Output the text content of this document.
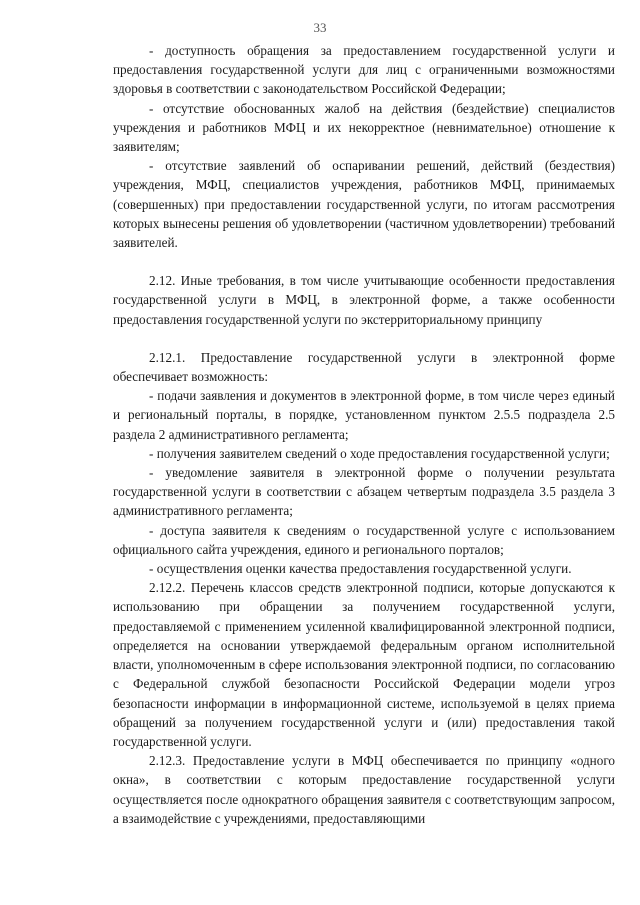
33

- доступность обращения за предоставлением государственной услуги и предоставления государственной услуги для лиц с ограниченными возможностями здоровья в соответствии с законодательством Российской Федерации;

- отсутствие обоснованных жалоб на действия (бездействие) специалистов учреждения и работников МФЦ и их некорректное (невнимательное) отношение к заявителям;

- отсутствие заявлений об оспаривании решений, действий (бездествия) учреждения, МФЦ, специалистов учреждения, работников МФЦ, принимаемых (совершенных) при предоставлении государственной услуги, по итогам рассмотрения которых вынесены решения об удовлетворении (частичном удовлетворении) требований заявителей.

2.12. Иные требования, в том числе учитывающие особенности предоставления государственной услуги в МФЦ, в электронной форме, а также особенности предоставления государственной услуги по экстерриториальному принципу

2.12.1. Предоставление государственной услуги в электронной форме обеспечивает возможность:

- подачи заявления и документов в электронной форме, в том числе через единый и региональный порталы, в порядке, установленном пунктом 2.5.5 подраздела 2.5 раздела 2 административного регламента;

- получения заявителем сведений о ходе предоставления государственной услуги;

- уведомление заявителя в электронной форме о получении результата государственной услуги в соответствии с абзацем четвертым подраздела 3.5 раздела 3 административного регламента;

- доступа заявителя к сведениям о государственной услуге с использованием официального сайта учреждения, единого и регионального порталов;

- осуществления оценки качества предоставления государственной услуги.

2.12.2. Перечень классов средств электронной подписи, которые допускаются к использованию при обращении за получением государственной услуги, предоставляемой с применением усиленной квалифицированной электронной подписи, определяется на основании утверждаемой федеральным органом исполнительной власти, уполномоченным в сфере использования электронной подписи, по согласованию с Федеральной службой безопасности Российской Федерации модели угроз безопасности информации в информационной системе, используемой в целях приема обращений за получением государственной услуги и (или) предоставления такой государственной услуги.

2.12.3. Предоставление услуги в МФЦ обеспечивается по принципу «одного окна», в соответствии с которым предоставление государственной услуги осуществляется после однократного обращения заявителя с соответствующим запросом, а взаимодействие с учреждениями, предоставляющими
